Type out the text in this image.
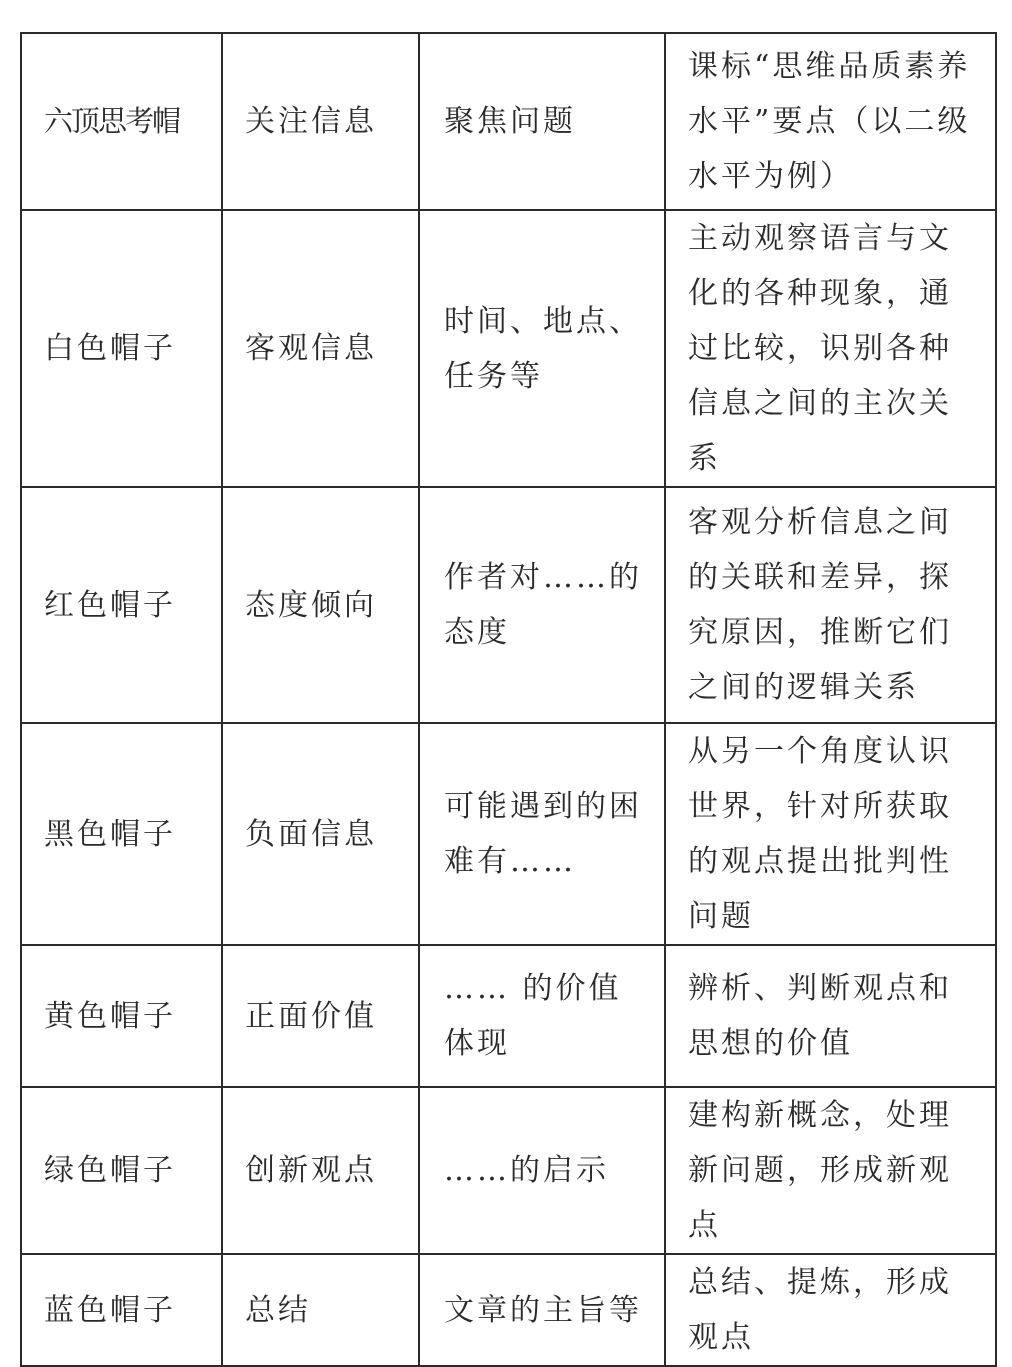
六顶思考帽	关注信息	聚焦问题	课标“思维品质素养水平”要点（以二级水平为例）
白色帽子	客观信息	时间、地点、任务等	主动观察语言与文化的各种现象，通过比较，识别各种信息之间的主次关系
红色帽子	态度倾向	作者对……的态度	客观分析信息之间的关联和差异，探究原因，推断它们之间的逻辑关系
黑色帽子	负面信息	可能遇到的困难有……	从另一个角度认识世界，针对所获取的观点提出批判性问题
黄色帽子	正面价值	…… 的价值体现	辨析、判断观点和思想的价值
绿色帽子	创新观点	……的启示	建构新概念，处理新问题，形成新观点
蓝色帽子	总结	文章的主旨等	总结、提炼，形成观点
